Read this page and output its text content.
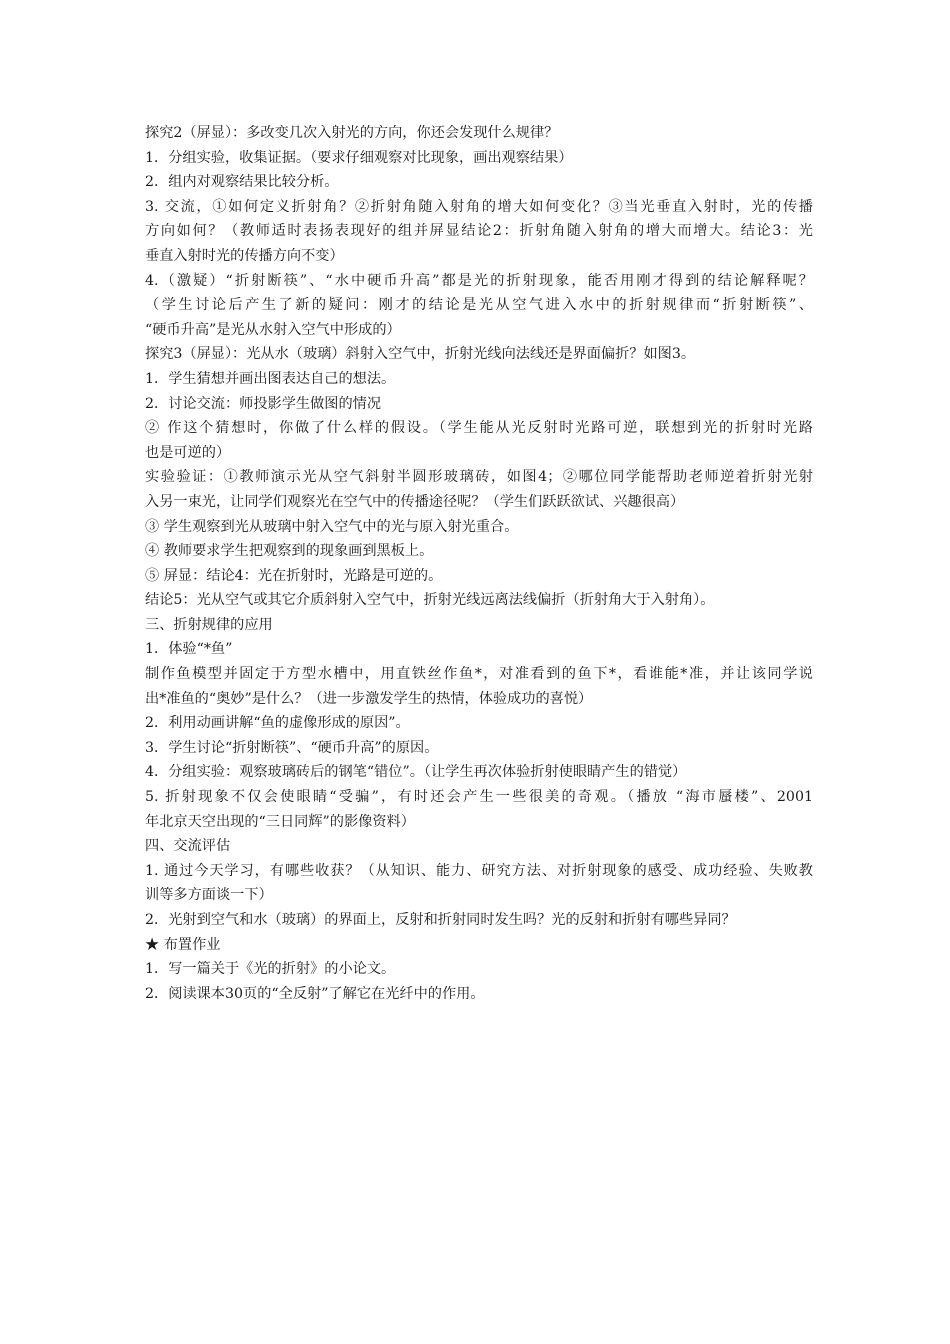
探究2（屏显）：多改变几次入射光的方向，你还会发现什么规律？
1．分组实验，收集证据。（要求仔细观察对比现象，画出观察结果）
2．组内对观察结果比较分析。
3. 交流，①如何定义折射角？②折射角随入射角的增大如何变化？③当光垂直入射时，光的传播
方向如何？（教师适时表扬表现好的组并屏显结论2：折射角随入射角的增大而增大。结论3：光
垂直入射时光的传播方向不变）
4.（激疑）“折射断筷”、“水中硬币升高”都是光的折射现象，能否用刚才得到的结论解释呢？
（学生讨论后产生了新的疑问：刚才的结论是光从空气进入水中的折射规律而“折射断筷”、
“硬币升高”是光从水射入空气中形成的）
探究3（屏显）：光从水（玻璃）斜射入空气中，折射光线向法线还是界面偏折？如图3。
1．学生猜想并画出图表达自己的想法。
2．讨论交流：师投影学生做图的情况
② 作这个猜想时，你做了什么样的假设。（学生能从光反射时光路可逆，联想到光的折射时光路
也是可逆的）
实验验证：①教师演示光从空气斜射半圆形玻璃砖，如图4；②哪位同学能帮助老师逆着折射光射
入另一束光，让同学们观察光在空气中的传播途径呢？（学生们跃跃欲试、兴趣很高）
③ 学生观察到光从玻璃中射入空气中的光与原入射光重合。
④ 教师要求学生把观察到的现象画到黑板上。
⑤ 屏显：结论4：光在折射时，光路是可逆的。
结论5：光从空气或其它介质斜射入空气中，折射光线远离法线偏折（折射角大于入射角）。
三、折射规律的应用
1．体验“*鱼”
制作鱼模型并固定于方型水槽中，用直铁丝作鱼*，对准看到的鱼下*，看谁能*准，并让该同学说
出*准鱼的“奥妙”是什么？（进一步激发学生的热情，体验成功的喜悦）
2．利用动画讲解“鱼的虚像形成的原因”。
3．学生讨论“折射断筷”、“硬币升高”的原因。
4．分组实验：观察玻璃砖后的钢笔“错位”。（让学生再次体验折射使眼睛产生的错觉）
5. 折射现象不仅会使眼睛“受骗”，有时还会产生一些很美的奇观。（播放 “海市蜃楼”、2001
年北京天空出现的“三日同辉”的影像资料）
四、交流评估
1. 通过今天学习，有哪些收获？（从知识、能力、研究方法、对折射现象的感受、成功经验、失败教
训等多方面谈一下）
2．光射到空气和水（玻璃）的界面上，反射和折射同时发生吗？光的反射和折射有哪些异同？
★ 布置作业
1．写一篇关于《光的折射》的小论文。
2．阅读课本30页的“全反射”了解它在光纤中的作用。
